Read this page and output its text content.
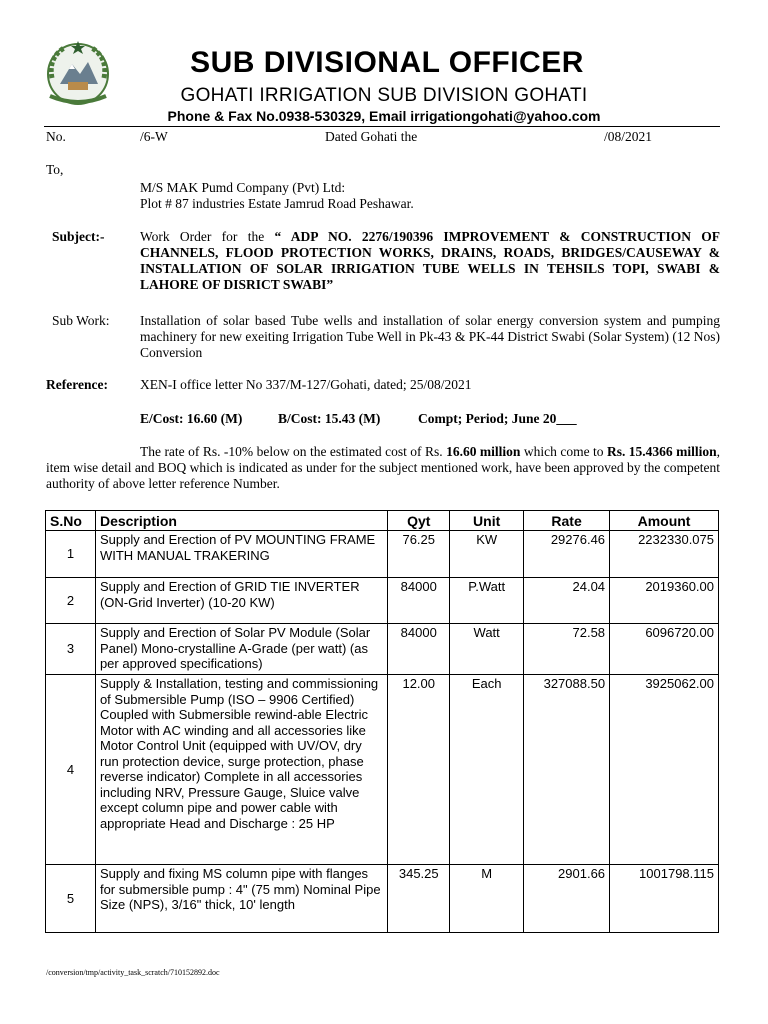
SUB DIVISIONAL OFFICER
GOHATI IRRIGATION SUB DIVISION GOHATI
Phone & Fax No.0938-530329, Email irrigationgohati@yahoo.com
No.	/6-W	Dated Gohati the	/08/2021
To,
M/S MAK Pumd Company (Pvt) Ltd:
Plot # 87 industries Estate Jamrud Road Peshawar.
Subject:-	Work Order for the “ ADP NO. 2276/190396 IMPROVEMENT & CONSTRUCTION OF CHANNELS, FLOOD PROTECTION WORKS, DRAINS, ROADS, BRIDGES/CAUSEWAY & INSTALLATION OF SOLAR IRRIGATION TUBE WELLS IN TEHSILS TOPI, SWABI & LAHORE OF DISRICT SWABI”
Sub Work: Installation of solar based Tube wells and installation of solar energy conversion system and pumping machinery for new exeiting Irrigation Tube Well in Pk-43 & PK-44 District Swabi (Solar System) (12 Nos) Conversion
Reference: XEN-I office letter No 337/M-127/Gohati, dated; 25/08/2021
E/Cost: 16.60 (M)	B/Cost: 15.43 (M)	Compt; Period; June 20___
The rate of Rs. -10% below on the estimated cost of Rs. 16.60 million which come to Rs. 15.4366 million, item wise detail and BOQ which is indicated as under for the subject mentioned work, have been approved by the competent authority of above letter reference Number.
S.No	Description	Qyt	Unit	Rate	Amount
1	Supply and Erection of PV MOUNTING FRAME WITH MANUAL TRAKERING	76.25	KW	29276.46	2232330.075
2	Supply and Erection of GRID TIE INVERTER (ON-Grid Inverter) (10-20 KW)	84000	P.Watt	24.04	2019360.00
3	Supply and Erection of Solar PV Module (Solar Panel) Mono-crystalline A-Grade (per watt) (as per approved specifications)	84000	Watt	72.58	6096720.00
4	Supply & Installation, testing and commissioning of Submersible Pump (ISO – 9906 Certified) Coupled with Submersible rewind-able Electric Motor with AC winding and all accessories like Motor Control Unit (equipped with UV/OV, dry run protection device, surge protection, phase reverse indicator) Complete in all accessories including NRV, Pressure Gauge, Sluice valve except column pipe and power cable with appropriate Head and Discharge : 25 HP	12.00	Each	327088.50	3925062.00
5	Supply and fixing MS column pipe with flanges for submersible pump : 4" (75 mm) Nominal Pipe Size (NPS), 3/16" thick, 10' length	345.25	M	2901.66	1001798.115
/conversion/tmp/activity_task_scratch/710152892.doc
